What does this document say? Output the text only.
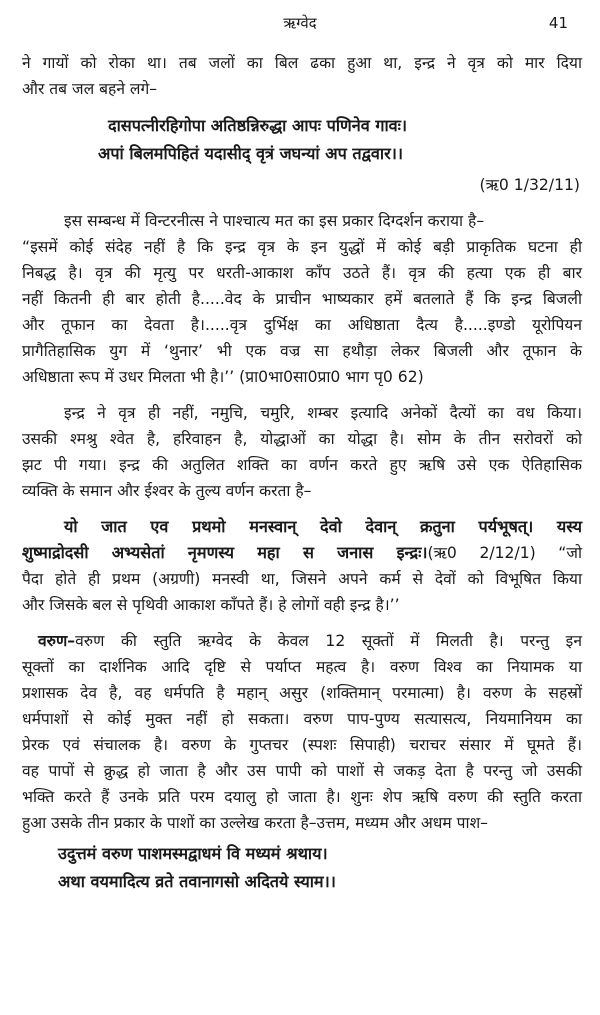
ऋग्वेद	41

ने गायों को रोका था। तब जलों का बिल ढका हुआ था, इन्द्र ने वृत्र को मार दिया
और तब जल बहने लगे–

दासपत्नीरहिगोपा अतिष्ठन्निरुद्धा आपः पणिनेव गावः।

अपां बिलमपिहितं यदासीद् वृत्रं जघन्यां अप तद्ववार।।

(ऋ0 1/32/11)

इस सम्बन्ध में विन्टरनीत्स ने पाश्चात्य मत का इस प्रकार दिग्दर्शन कराया है–
“इसमें कोई संदेह नहीं है कि इन्द्र वृत्र के इन युद्धों में कोई बड़ी प्राकृतिक घटना ही
निबद्ध है। वृत्र की मृत्यु पर धरती-आकाश काँप उठते हैं। वृत्र की हत्या एक ही बार
नहीं कितनी ही बार होती है.....वेद के प्राचीन भाष्यकार हमें बतलाते हैं कि इन्द्र बिजली
और तूफान का देवता है।.....वृत्र दुर्भिक्ष का अधिष्ठाता दैत्य है.....इण्डो यूरोपियन
प्रागैतिहासिक युग में ‘थुनार’ भी एक वज्र सा हथौड़ा लेकर बिजली और तूफान के
अधिष्ठाता रूप में उधर मिलता भी है।’’ (प्रा0भा0सा0प्रा0 भाग पृ0 62)

इन्द्र ने वृत्र ही नहीं, नमुचि, चमुरि, शम्बर इत्यादि अनेकों दैत्यों का वध किया।
उसकी श्मश्रु श्वेत है, हरिवाहन है, योद्धाओं का योद्धा है। सोम के तीन सरोवरों को
झट पी गया। इन्द्र की अतुलित शक्ति का वर्णन करते हुए ऋषि उसे एक ऐतिहासिक
व्यक्ति के समान और ईश्वर के तुल्य वर्णन करता है–

यो जात एव प्रथमो मनस्वान् देवो देवान् क्रतुना पर्यभूषत्। यस्य
शुष्माद्रोदसी अभ्यसेतां नृमणस्य महा स जनास इन्द्रः।(ऋ0 2/12/1) “जो
पैदा होते ही प्रथम (अग्रणी) मनस्वी था, जिसने अपने कर्म से देवों को विभूषित किया
और जिसके बल से पृथिवी आकाश काँपते हैं। हे लोगों वही इन्द्र है।’’

वरुण–वरुण की स्तुति ऋग्वेद के केवल 12 सूक्तों में मिलती है। परन्तु इन
सूक्तों का दार्शनिक आदि दृष्टि से पर्याप्त महत्व है। वरुण विश्व का नियामक या
प्रशासक देव है, वह धर्मपति है महान् असुर (शक्तिमान् परमात्मा) है। वरुण के सहस्रों
धर्मपाशों से कोई मुक्त नहीं हो सकता। वरुण पाप-पुण्य सत्यासत्य, नियमानियम का
प्रेरक एवं संचालक है। वरुण के गुप्तचर (स्पशः सिपाही) चराचर संसार में घूमते हैं।
वह पापों से क्रुद्ध हो जाता है और उस पापी को पाशों से जकड़ देता है परन्तु जो उसकी
भक्ति करते हैं उनके प्रति परम दयालु हो जाता है। शुनः शेप ऋषि वरुण की स्तुति करता
हुआ उसके तीन प्रकार के पाशों का उल्लेख करता है–उत्तम, मध्यम और अधम पाश–

उदुत्तमं वरुण पाशमस्मद्वाधमं वि मध्यमं श्रथाय।

अथा वयमादित्य व्रते तवानागसो अदितये स्याम।।
